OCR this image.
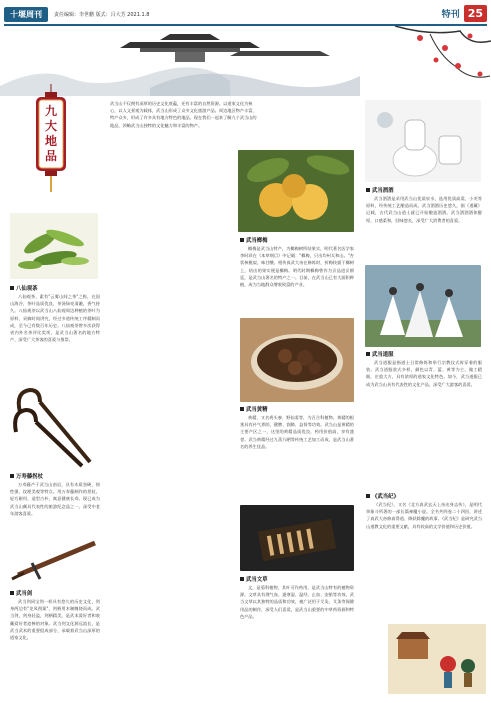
十堰周刊	责任编辑：李世鹏 版式：吕大芳 2021.1.8	特刊 25
九大地品
武当山不仅拥有深厚的历史文化底蕴，还有丰富的自然资源。以道家文化为核心，以人文景观为载体，武当山形成了众多文化旅游产品。周边地区物产丰富，特产众多，形成了许多具有地方特色的地品。现在我们一起来了解九个武当山的地品，领略武当山独特的文化魅力和丰富的物产。
八仙观茶
八仙观茶，素有"云雾山间之茶"之称，在国山海谷，茶叶品质优良，茶汤绿亮清澈，香气持久。八仙观茶以武当山八仙观周边种植的茶叶为原料，采摘时间讲究，经过多道传统工序精制而成，至今已有数百年历史。八仙观茶曾多次获得省内外名茶评比奖项，是武当山著名的地方特产，深受广大茶客的喜爱与推崇。
万寿藤拐杖
万寿藤产于武当山南岩，具有木质坚硬、韧性强、纹理美观等特点。用万寿藤制作的拐杖，轻巧耐用、造型古朴，寓意健康长寿。现已成为武当山颇具代表性的旅游纪念品之一，深受中老年游客喜爱。
武当剑
武当剑同宝剑一样具有悠久的历史文化，剑身两边有"龙凤图案"，剑柄用木制缠绕而成。武当剑，剑身轻盈，剑柄精美，是武术爱好者和收藏爱好者追捧的对象。武当剑文化源远流长，是武当武术的重要组成部分，承载着武当山深厚的道家文化。
武当榔梅
榔梅是武当山特产，为榔梅树所结果实，明代著名医学家李时珍在《本草纲目》中记载："榔梅，只出均州太和山。"杏状核桃似，味甘酸。相传真武大帝在修炼时，折梅枝插于榔树上，结出的果实便是榔梅。明代时期榔梅曾作为贡品进贡朝廷，是武当山著名的特产之一。目前，在武当山已有大面积种植，成为当地群众增收致富的产业。
武当黄精
黄精，又名鸡头参、野仙姜等，为百合科植物。黄精的根茎具有补气养阴、健脾、润肺、益肾等功效。武当山是黄精的主要产区之一，这里的黄精品质优良，药用价值高，享有盛誉。武当黄精经过九蒸九晒等传统工艺加工而成，是武当山著名的养生佳品。
武当文草
文，是菊科植物，其叶可作药用，是武当山特有的植物资源。文草具有理气血、逐寒湿、温经、止血、安胎等功效。武当文草以其独特的品质和功效，被广泛用于艾灸、艾条等保健用品的制作，深受人们喜爱，是武当山重要的中草药资源和特色产品。
武当酒酒
武当酒酒是采用武当山优质泉水，选用优质高粱、小麦等原料，经传统工艺酿造而成。武当酒酒历史悠久，据《道藏》记载，古代武当山道士就已开始酿造酒酒。武当酒酒酒体醇厚，口感柔和，回味悠长，深受广大消费者的喜爱。
武当道服
武当道服是指道士日常修炼和举行宗教仪式时穿着的服装。武当道服款式多样，颜色以青、蓝、黄等为主，做工精细，庄重大方，具有浓厚的道家文化特色。如今，武当道服已成为武当山具有代表性的文化产品，深受广大游客的喜爱。
《武当纪》
《武当纪》，又名《北方真武玄天上帝出身志传》，是明代余象斗所著的一部长篇神魔小说。全书共四卷二十四回，讲述了真武大帝修真得道、降妖除魔的故事。《武当纪》是研究武当山道教文化的重要文献，具有较高的文学价值和历史价值。
